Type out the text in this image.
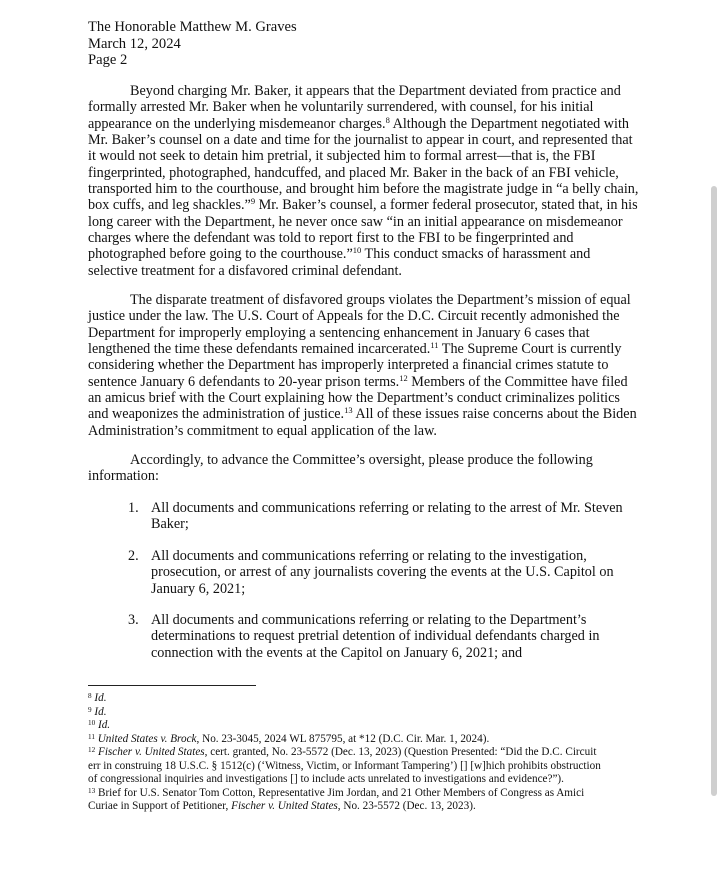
The Honorable Matthew M. Graves
March 12, 2024
Page 2
Beyond charging Mr. Baker, it appears that the Department deviated from practice and
formally arrested Mr. Baker when he voluntarily surrendered, with counsel, for his initial
appearance on the underlying misdemeanor charges.$^8$ Although the Department negotiated with
Mr. Baker’s counsel on a date and time for the journalist to appear in court, and represented that
it would not seek to detain him pretrial, it subjected him to formal arrest—that is, the FBI
fingerprinted, photographed, handcuffed, and placed Mr. Baker in the back of an FBI vehicle,
transported him to the courthouse, and brought him before the magistrate judge in “a belly chain,
box cuffs, and leg shackles.”$^9$ Mr. Baker’s counsel, a former federal prosecutor, stated that, in his
long career with the Department, he never once saw “in an initial appearance on misdemeanor
charges where the defendant was told to report first to the FBI to be fingerprinted and
photographed before going to the courthouse.”$^{10}$ This conduct smacks of harassment and
selective treatment for a disfavored criminal defendant.
The disparate treatment of disfavored groups violates the Department’s mission of equal
justice under the law. The U.S. Court of Appeals for the D.C. Circuit recently admonished the
Department for improperly employing a sentencing enhancement in January 6 cases that
lengthened the time these defendants remained incarcerated.$^{11}$ The Supreme Court is currently
considering whether the Department has improperly interpreted a financial crimes statute to
sentence January 6 defendants to 20-year prison terms.$^{12}$ Members of the Committee have filed
an amicus brief with the Court explaining how the Department’s conduct criminalizes politics
and weaponizes the administration of justice.$^{13}$ All of these issues raise concerns about the Biden
Administration’s commitment to equal application of the law.
Accordingly, to advance the Committee’s oversight, please produce the following
information:
1. All documents and communications referring or relating to the arrest of Mr. Steven
Baker;
2. All documents and communications referring or relating to the investigation,
prosecution, or arrest of any journalists covering the events at the U.S. Capitol on
January 6, 2021;
3. All documents and communications referring or relating to the Department’s
determinations to request pretrial detention of individual defendants charged in
connection with the events at the Capitol on January 6, 2021; and
$^8$ Id.
$^9$ Id.
$^{10}$ Id.
$^{11}$ United States v. Brock, No. 23-3045, 2024 WL 875795, at *12 (D.C. Cir. Mar. 1, 2024).
$^{12}$ Fischer v. United States, cert. granted, No. 23-5572 (Dec. 13, 2023) (Question Presented: “Did the D.C. Circuit
err in construing 18 U.S.C. § 1512(c) (‘Witness, Victim, or Informant Tampering’) [] [w]hich prohibits obstruction
of congressional inquiries and investigations [] to include acts unrelated to investigations and evidence?”).
$^{13}$ Brief for U.S. Senator Tom Cotton, Representative Jim Jordan, and 21 Other Members of Congress as Amici
Curiae in Support of Petitioner, Fischer v. United States, No. 23-5572 (Dec. 13, 2023).
